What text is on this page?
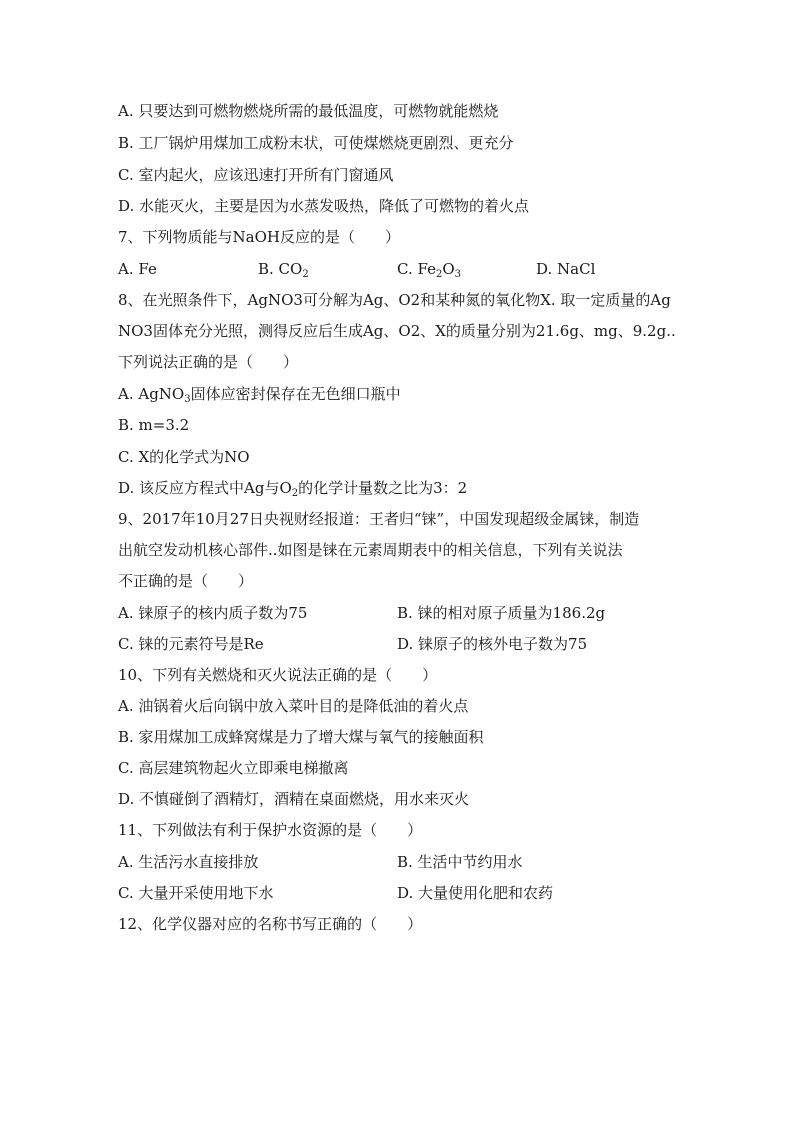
A. 只要达到可燃物燃烧所需的最低温度，可燃物就能燃烧
B. 工厂锅炉用煤加工成粉末状，可使煤燃烧更剧烈、更充分
C. 室内起火，应该迅速打开所有门窗通风
D. 水能灭火，主要是因为水蒸发吸热，降低了可燃物的着火点
7、下列物质能与NaOH反应的是（　　）
A. Fe	B. $CO_2$	C. $Fe_2O_3$	D. NaCl
8、在光照条件下，AgNO3可分解为Ag、O2和某种氮的氧化物X. 取一定质量的Ag
NO3固体充分光照，测得反应后生成Ag、O2、X的质量分别为21.6g、mg、9.2g..
下列说法正确的是（　　）
A. AgNO$_3$固体应密封保存在无色细口瓶中
B. m=3.2
C. X的化学式为NO
D. 该反应方程式中Ag与$O_2$的化学计量数之比为3：2
9、2017年10月27日央视财经报道：王者归“铼”，中国发现超级金属铼，制造
出航空发动机核心部件..如图是铼在元素周期表中的相关信息，下列有关说法
不正确的是（　　）
A. 铼原子的核内质子数为75	B. 铼的相对原子质量为186.2g
C. 铼的元素符号是Re	D. 铼原子的核外电子数为75
10、下列有关燃烧和灭火说法正确的是（　　）
A. 油锅着火后向锅中放入菜叶目的是降低油的着火点
B. 家用煤加工成蜂窝煤是力了增大煤与氧气的接触面积
C. 高层建筑物起火立即乘电梯撤离
D. 不慎碰倒了酒精灯，酒精在桌面燃烧，用水来灭火
11、下列做法有利于保护水资源的是（　　）
A. 生活污水直接排放	B. 生活中节约用水
C. 大量开采使用地下水	D. 大量使用化肥和农药
12、化学仪器对应的名称书写正确的（　　）
